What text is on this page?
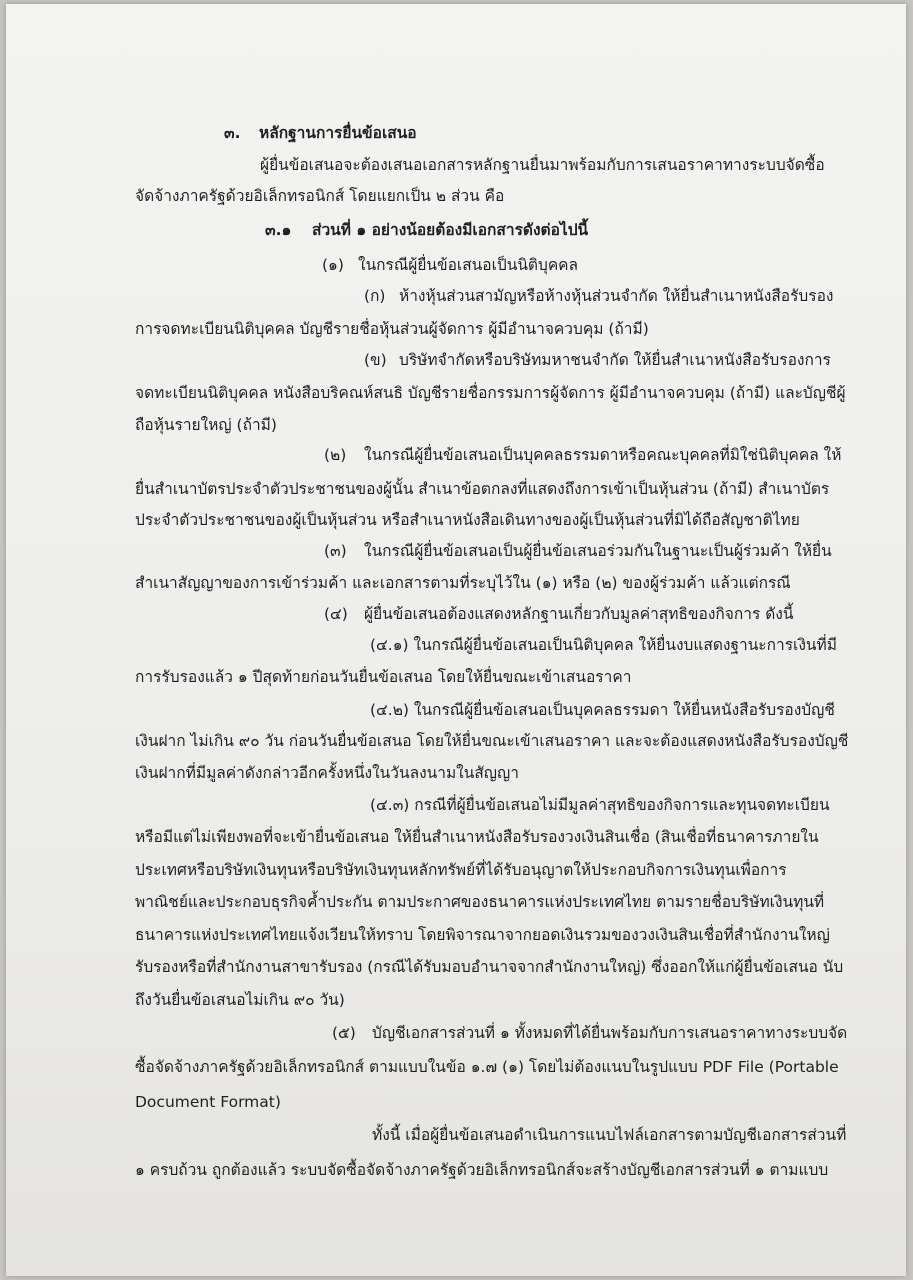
๓. หลักฐานการยื่นข้อเสนอ
ผู้ยื่นข้อเสนอจะต้องเสนอเอกสารหลักฐานยื่นมาพร้อมกับการเสนอราคาทางระบบจัดซื้อ
จัดจ้างภาครัฐด้วยอิเล็กทรอนิกส์ โดยแยกเป็น ๒ ส่วน คือ
๓.๑ ส่วนที่ ๑ อย่างน้อยต้องมีเอกสารดังต่อไปนี้
(๑) ในกรณีผู้ยื่นข้อเสนอเป็นนิติบุคคล
(ก) ห้างหุ้นส่วนสามัญหรือห้างหุ้นส่วนจำกัด ให้ยื่นสำเนาหนังสือรับรอง
การจดทะเบียนนิติบุคคล บัญชีรายชื่อหุ้นส่วนผู้จัดการ ผู้มีอำนาจควบคุม (ถ้ามี)
(ข) บริษัทจำกัดหรือบริษัทมหาชนจำกัด ให้ยื่นสำเนาหนังสือรับรองการ
จดทะเบียนนิติบุคคล หนังสือบริคณห์สนธิ บัญชีรายชื่อกรรมการผู้จัดการ ผู้มีอำนาจควบคุม (ถ้ามี) และบัญชีผู้
ถือหุ้นรายใหญ่ (ถ้ามี)
(๒) ในกรณีผู้ยื่นข้อเสนอเป็นบุคคลธรรมดาหรือคณะบุคคลที่มิใช่นิติบุคคล ให้
ยื่นสำเนาบัตรประจำตัวประชาชนของผู้นั้น สำเนาข้อตกลงที่แสดงถึงการเข้าเป็นหุ้นส่วน (ถ้ามี) สำเนาบัตร
ประจำตัวประชาชนของผู้เป็นหุ้นส่วน หรือสำเนาหนังสือเดินทางของผู้เป็นหุ้นส่วนที่มิได้ถือสัญชาติไทย
(๓) ในกรณีผู้ยื่นข้อเสนอเป็นผู้ยื่นข้อเสนอร่วมกันในฐานะเป็นผู้ร่วมค้า ให้ยื่น
สำเนาสัญญาของการเข้าร่วมค้า และเอกสารตามที่ระบุไว้ใน (๑) หรือ (๒) ของผู้ร่วมค้า แล้วแต่กรณี
(๔) ผู้ยื่นข้อเสนอต้องแสดงหลักฐานเกี่ยวกับมูลค่าสุทธิของกิจการ ดังนี้
(๔.๑) ในกรณีผู้ยื่นข้อเสนอเป็นนิติบุคคล ให้ยื่นงบแสดงฐานะการเงินที่มี
การรับรองแล้ว ๑ ปีสุดท้ายก่อนวันยื่นข้อเสนอ โดยให้ยื่นขณะเข้าเสนอราคา
(๔.๒) ในกรณีผู้ยื่นข้อเสนอเป็นบุคคลธรรมดา ให้ยื่นหนังสือรับรองบัญชี
เงินฝาก ไม่เกิน ๙๐ วัน ก่อนวันยื่นข้อเสนอ โดยให้ยื่นขณะเข้าเสนอราคา และจะต้องแสดงหนังสือรับรองบัญชี
เงินฝากที่มีมูลค่าดังกล่าวอีกครั้งหนึ่งในวันลงนามในสัญญา
(๔.๓) กรณีที่ผู้ยื่นข้อเสนอไม่มีมูลค่าสุทธิของกิจการและทุนจดทะเบียน
หรือมีแต่ไม่เพียงพอที่จะเข้ายื่นข้อเสนอ ให้ยื่นสำเนาหนังสือรับรองวงเงินสินเชื่อ (สินเชื่อที่ธนาคารภายใน
ประเทศหรือบริษัทเงินทุนหรือบริษัทเงินทุนหลักทรัพย์ที่ได้รับอนุญาตให้ประกอบกิจการเงินทุนเพื่อการ
พาณิชย์และประกอบธุรกิจค้ำประกัน ตามประกาศของธนาคารแห่งประเทศไทย ตามรายชื่อบริษัทเงินทุนที่
ธนาคารแห่งประเทศไทยแจ้งเวียนให้ทราบ โดยพิจารณาจากยอดเงินรวมของวงเงินสินเชื่อที่สำนักงานใหญ่
รับรองหรือที่สำนักงานสาขารับรอง (กรณีได้รับมอบอำนาจจากสำนักงานใหญ่) ซึ่งออกให้แก่ผู้ยื่นข้อเสนอ นับ
ถึงวันยื่นข้อเสนอไม่เกิน ๙๐ วัน)
(๕) บัญชีเอกสารส่วนที่ ๑ ทั้งหมดที่ได้ยื่นพร้อมกับการเสนอราคาทางระบบจัด
ซื้อจัดจ้างภาครัฐด้วยอิเล็กทรอนิกส์ ตามแบบในข้อ ๑.๗ (๑) โดยไม่ต้องแนบในรูปแบบ PDF File (Portable
Document Format)
ทั้งนี้ เมื่อผู้ยื่นข้อเสนอดำเนินการแนบไฟล์เอกสารตามบัญชีเอกสารส่วนที่
๑ ครบถ้วน ถูกต้องแล้ว ระบบจัดซื้อจัดจ้างภาครัฐด้วยอิเล็กทรอนิกส์จะสร้างบัญชีเอกสารส่วนที่ ๑ ตามแบบ
